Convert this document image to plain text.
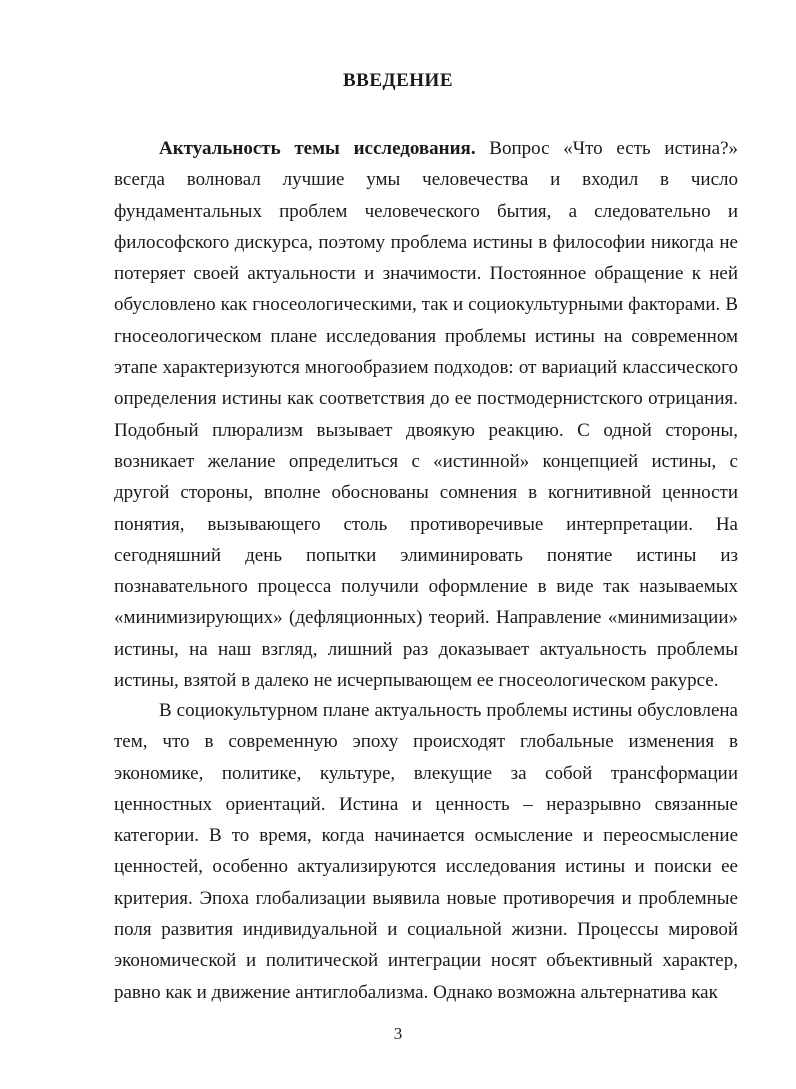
ВВЕДЕНИЕ

Актуальность темы исследования. Вопрос «Что есть истина?» всегда волновал лучшие умы человечества и входил в число фундаментальных проблем человеческого бытия, а следовательно и философского дискурса, поэтому проблема истины в философии никогда не потеряет своей актуальности и значимости. Постоянное обращение к ней обусловлено как гносеологическими, так и социокультурными факторами. В гносеологическом плане исследования проблемы истины на современном этапе характеризуются многообразием подходов: от вариаций классического определения истины как соответствия до ее постмодернистского отрицания. Подобный плюрализм вызывает двоякую реакцию. С одной стороны, возникает желание определиться с «истинной» концепцией истины, с другой стороны, вполне обоснованы сомнения в когнитивной ценности понятия, вызывающего столь противоречивые интерпретации. На сегодняшний день попытки элиминировать понятие истины из познавательного процесса получили оформление в виде так называемых «минимизирующих» (дефляционных) теорий. Направление «минимизации» истины, на наш взгляд, лишний раз доказывает актуальность проблемы истины, взятой в далеко не исчерпывающем ее гносеологическом ракурсе.

В социокультурном плане актуальность проблемы истины обусловлена тем, что в современную эпоху происходят глобальные изменения в экономике, политике, культуре, влекущие за собой трансформации ценностных ориентаций. Истина и ценность – неразрывно связанные категории. В то время, когда начинается осмысление и переосмысление ценностей, особенно актуализируются исследования истины и поиски ее критерия. Эпоха глобализации выявила новые противоречия и проблемные поля развития индивидуальной и социальной жизни. Процессы мировой экономической и политической интеграции носят объективный характер, равно как и движение антиглобализма. Однако возможна альтернатива как

3
